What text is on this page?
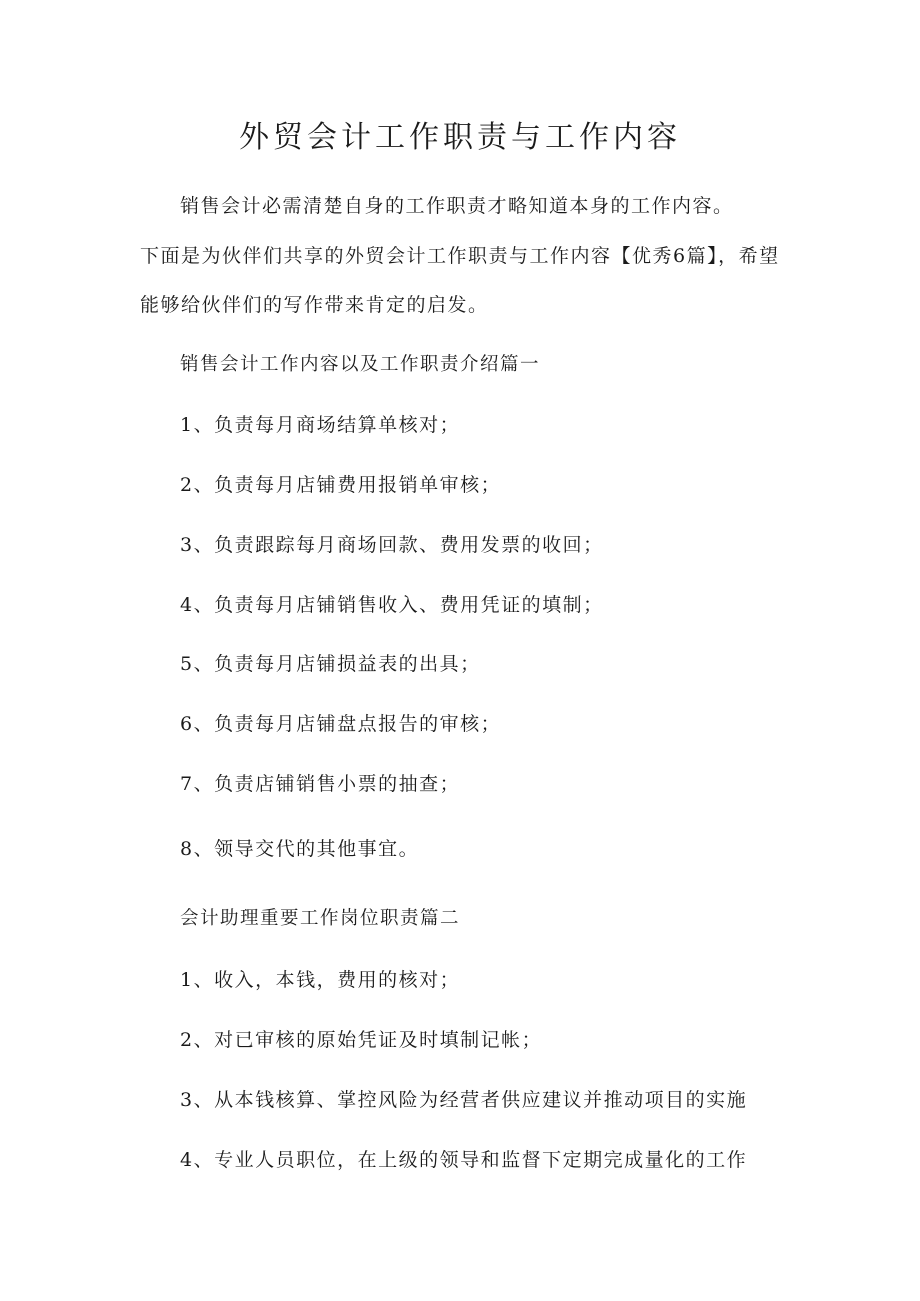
外贸会计工作职责与工作内容
销售会计必需清楚自身的工作职责才略知道本身的工作内容。
下面是为伙伴们共享的外贸会计工作职责与工作内容【优秀6篇】，希望
能够给伙伴们的写作带来肯定的启发。
销售会计工作内容以及工作职责介绍篇一
1、负责每月商场结算单核对；
2、负责每月店铺费用报销单审核；
3、负责跟踪每月商场回款、费用发票的收回；
4、负责每月店铺销售收入、费用凭证的填制；
5、负责每月店铺损益表的出具；
6、负责每月店铺盘点报告的审核；
7、负责店铺销售小票的抽查；
8、领导交代的其他事宜。
会计助理重要工作岗位职责篇二
1、收入，本钱，费用的核对；
2、对已审核的原始凭证及时填制记帐；
3、从本钱核算、掌控风险为经营者供应建议并推动项目的实施
4、专业人员职位，在上级的领导和监督下定期完成量化的工作
